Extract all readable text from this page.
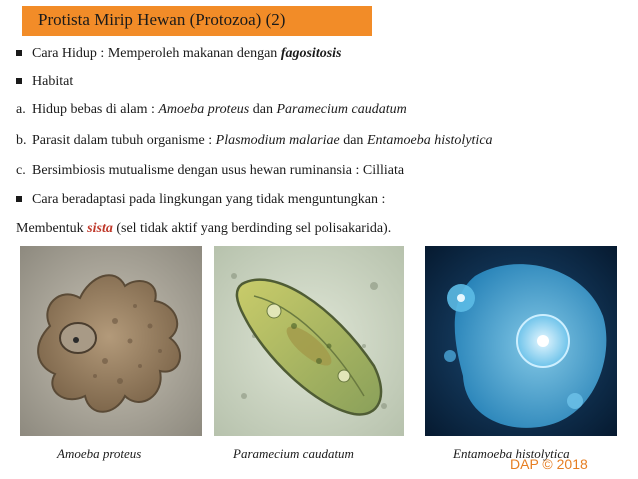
Protista Mirip Hewan (Protozoa) (2)
Cara Hidup : Memperoleh makanan dengan fagositosis
Habitat
a. Hidup bebas di alam : Amoeba proteus dan Paramecium caudatum
b. Parasit dalam tubuh organisme : Plasmodium malariae dan Entamoeba histolytica
c. Bersimbiosis mutualisme dengan usus hewan ruminansia : Cilliata
Cara beradaptasi pada lingkungan yang tidak menguntungkan :
Membentuk sista (sel tidak aktif yang berdinding sel polisakarida).
Amoeba proteus	Paramecium caudatum	Entamoeba histolytica
DAP © 2018
